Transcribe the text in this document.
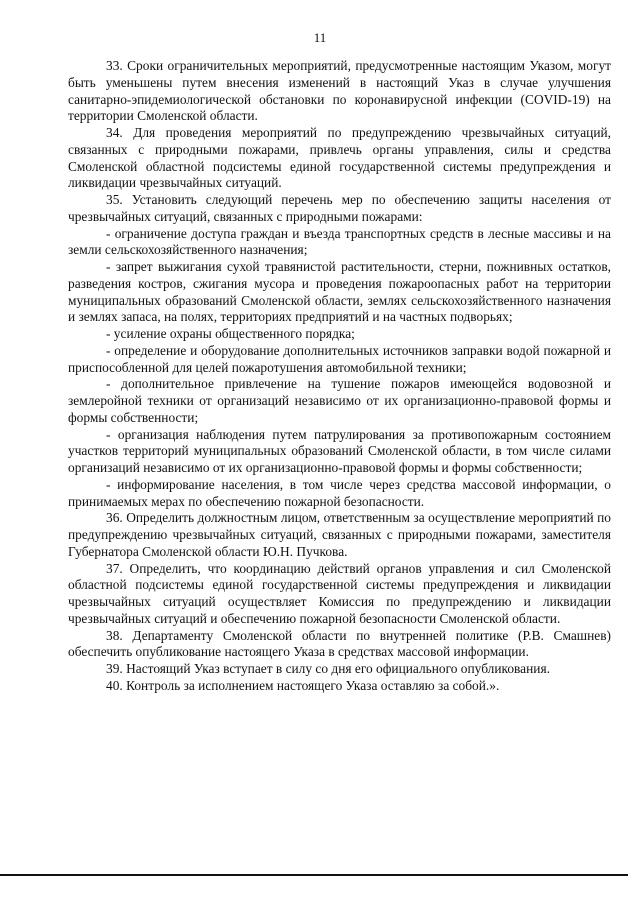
11

33. Сроки ограничительных мероприятий, предусмотренные настоящим Указом, могут быть уменьшены путем внесения изменений в настоящий Указ в случае улучшения санитарно-эпидемиологической обстановки по коронавирусной инфекции (COVID-19) на территории Смоленской области.

34. Для проведения мероприятий по предупреждению чрезвычайных ситуаций, связанных с природными пожарами, привлечь органы управления, силы и средства Смоленской областной подсистемы единой государственной системы предупреждения и ликвидации чрезвычайных ситуаций.

35. Установить следующий перечень мер по обеспечению защиты населения от чрезвычайных ситуаций, связанных с природными пожарами:

- ограничение доступа граждан и въезда транспортных средств в лесные массивы и на земли сельскохозяйственного назначения;

- запрет выжигания сухой травянистой растительности, стерни, пожнивных остатков, разведения костров, сжигания мусора и проведения пожароопасных работ на территории муниципальных образований Смоленской области, землях сельскохозяйственного назначения и землях запаса, на полях, территориях предприятий и на частных подворьях;

- усиление охраны общественного порядка;

- определение и оборудование дополнительных источников заправки водой пожарной и приспособленной для целей пожаротушения автомобильной техники;

- дополнительное привлечение на тушение пожаров имеющейся водовозной и землеройной техники от организаций независимо от их организационно-правовой формы и формы собственности;

- организация наблюдения путем патрулирования за противопожарным состоянием участков территорий муниципальных образований Смоленской области, в том числе силами организаций независимо от их организационно-правовой формы и формы собственности;

- информирование населения, в том числе через средства массовой информации, о принимаемых мерах по обеспечению пожарной безопасности.

36. Определить должностным лицом, ответственным за осуществление мероприятий по предупреждению чрезвычайных ситуаций, связанных с природными пожарами, заместителя Губернатора Смоленской области Ю.Н. Пучкова.

37. Определить, что координацию действий органов управления и сил Смоленской областной подсистемы единой государственной системы предупреждения и ликвидации чрезвычайных ситуаций осуществляет Комиссия по предупреждению и ликвидации чрезвычайных ситуаций и обеспечению пожарной безопасности Смоленской области.

38. Департаменту Смоленской области по внутренней политике (Р.В. Смашнев) обеспечить опубликование настоящего Указа в средствах массовой информации.

39. Настоящий Указ вступает в силу со дня его официального опубликования.

40. Контроль за исполнением настоящего Указа оставляю за собой.».
